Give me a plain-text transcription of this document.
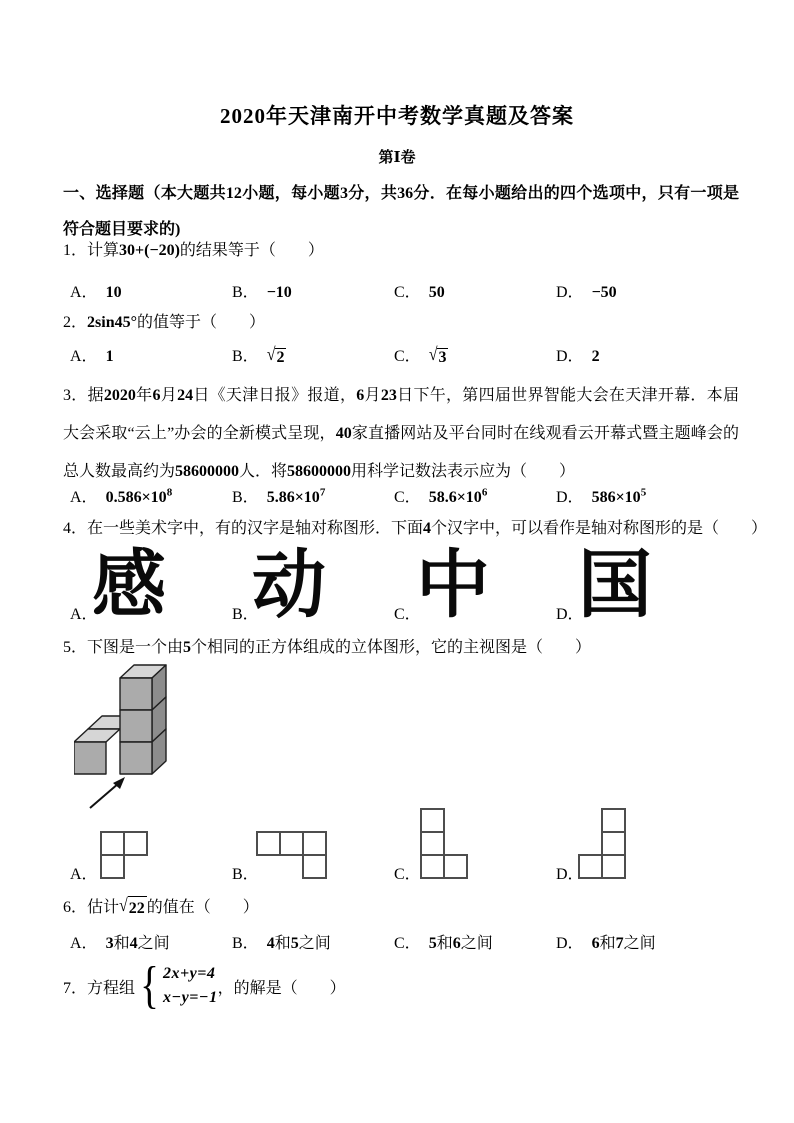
2020年天津南开中考数学真题及答案
第Ⅰ卷
一、选择题（本大题共12小题，每小题3分，共36分．在每小题给出的四个选项中，只有一项是符合题目要求的)
1．计算30+(−20)的结果等于（　　）
A． 10	B． −10	C． 50	D． −50
2．2sin45°的值等于（　　）
A． 1	B． √ 2	C． √ 3	D． 2
3．据2020年6月24日《天津日报》报道，6月23日下午，第四届世界智能大会在天津开幕．本届大会采取“云上”办会的全新模式呈现，40家直播网站及平台同时在线观看云开幕式暨主题峰会的总人数最高约为58600000人．将58600000用科学记数法表示应为（　　）
A． $0.586\times 10^8$	B． $5.86\times 10^7$	C． $58.6\times 10^6$	D． $586\times 10^5$
4．在一些美术字中，有的汉字是轴对称图形．下面4个汉字中，可以看作是轴对称图形的是（　　）
A．
感	B．
动	C．
中	D．
国
5．下图是一个由5个相同的正方体组成的立体图形，它的主视图是（　　）
A．	B．	C．	D．
6．估计 √ 22 的值在（　　）
A． 3和4之间	B． 4和5之间	C． 5和6之间	D． 6和7之间
7．方程组 { 2x+y=4
x−y=−1
，的解是（　　）
